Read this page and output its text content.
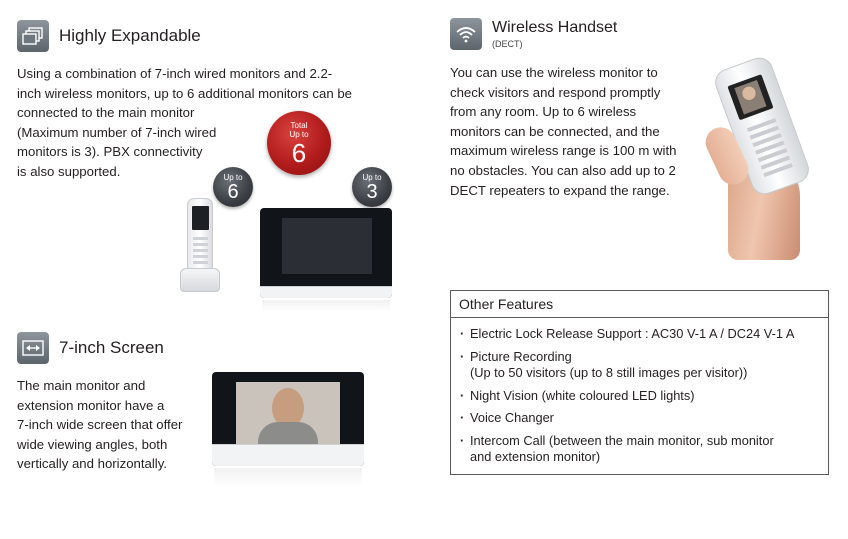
Highly Expandable
Using a combination of 7-inch wired monitors and 2.2-
inch wireless monitors, up to 6 additional monitors can be
connected to the main monitor
(Maximum number of 7-inch wired
monitors is 3). PBX connectivity
is also supported.
Total
Up to
6
Up to
6
Up to
3
7-inch Screen
The main monitor and
extension monitor have a
7-inch wide screen that offer
wide viewing angles, both
vertically and horizontally.
Wireless Handset
(DECT)
You can use the wireless monitor to
check visitors and respond promptly
from any room. Up to 6 wireless
monitors can be connected, and the
maximum wireless range is 100 m with
no obstacles. You can also add up to 2
DECT repeaters to expand the range.
Other Features
· Electric Lock Release Support : AC30 V-1 A / DC24 V-1 A
· Picture Recording
(Up to 50 visitors (up to 8 still images per visitor))
· Night Vision (white coloured LED lights)
· Voice Changer
· Intercom Call (between the main monitor, sub monitor
and extension monitor)
